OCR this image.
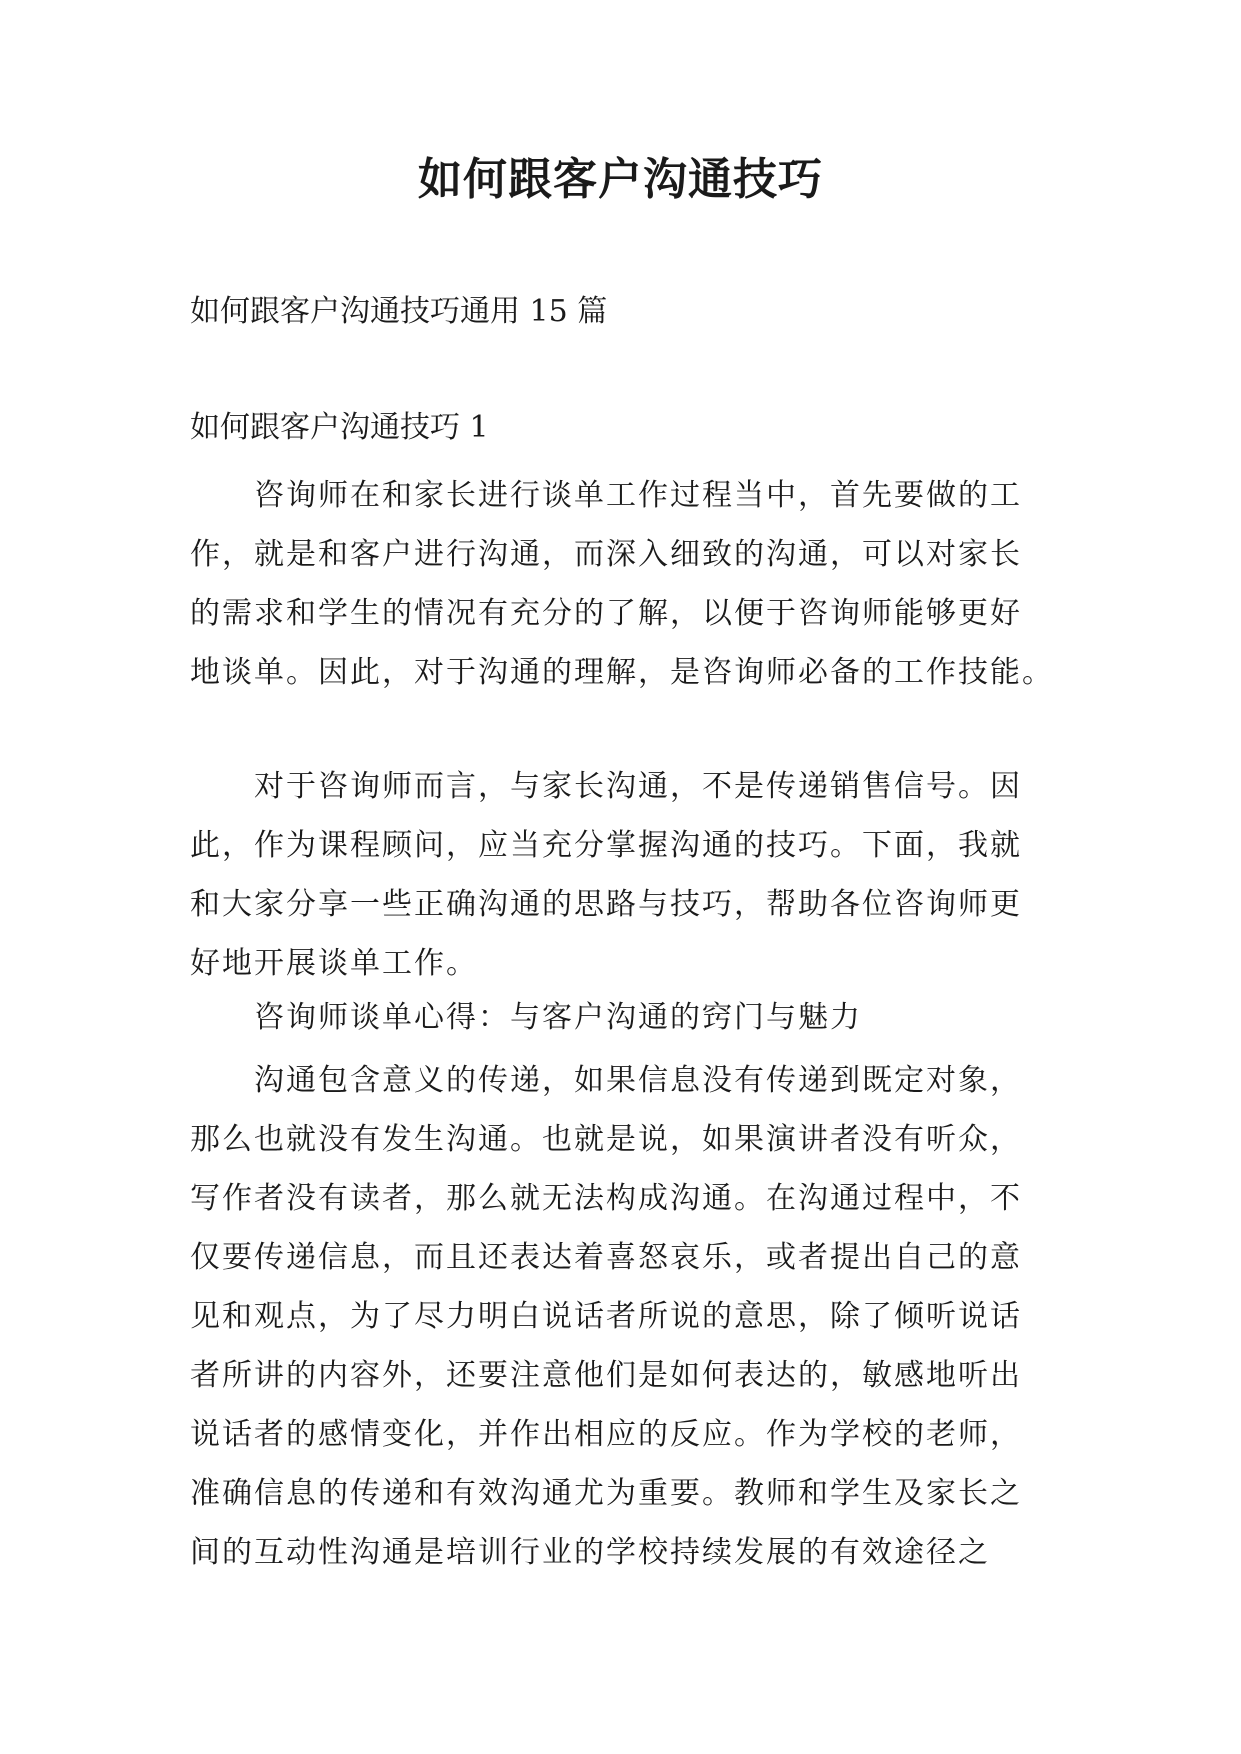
如何跟客户沟通技巧
如何跟客户沟通技巧通用 15 篇
如何跟客户沟通技巧 1
　　咨询师在和家长进行谈单工作过程当中，首先要做的工
作，就是和客户进行沟通，而深入细致的沟通，可以对家长
的需求和学生的情况有充分的了解，以便于咨询师能够更好
地谈单。因此，对于沟通的理解，是咨询师必备的工作技能。
　　对于咨询师而言，与家长沟通，不是传递销售信号。因
此，作为课程顾问，应当充分掌握沟通的技巧。下面，我就
和大家分享一些正确沟通的思路与技巧，帮助各位咨询师更
好地开展谈单工作。
　　咨询师谈单心得：与客户沟通的窍门与魅力
　　沟通包含意义的传递，如果信息没有传递到既定对象，
那么也就没有发生沟通。也就是说，如果演讲者没有听众，
写作者没有读者，那么就无法构成沟通。在沟通过程中，不
仅要传递信息，而且还表达着喜怒哀乐，或者提出自己的意
见和观点，为了尽力明白说话者所说的意思，除了倾听说话
者所讲的内容外，还要注意他们是如何表达的，敏感地听出
说话者的感情变化，并作出相应的反应。作为学校的老师，
准确信息的传递和有效沟通尤为重要。教师和学生及家长之
间的互动性沟通是培训行业的学校持续发展的有效途径之
